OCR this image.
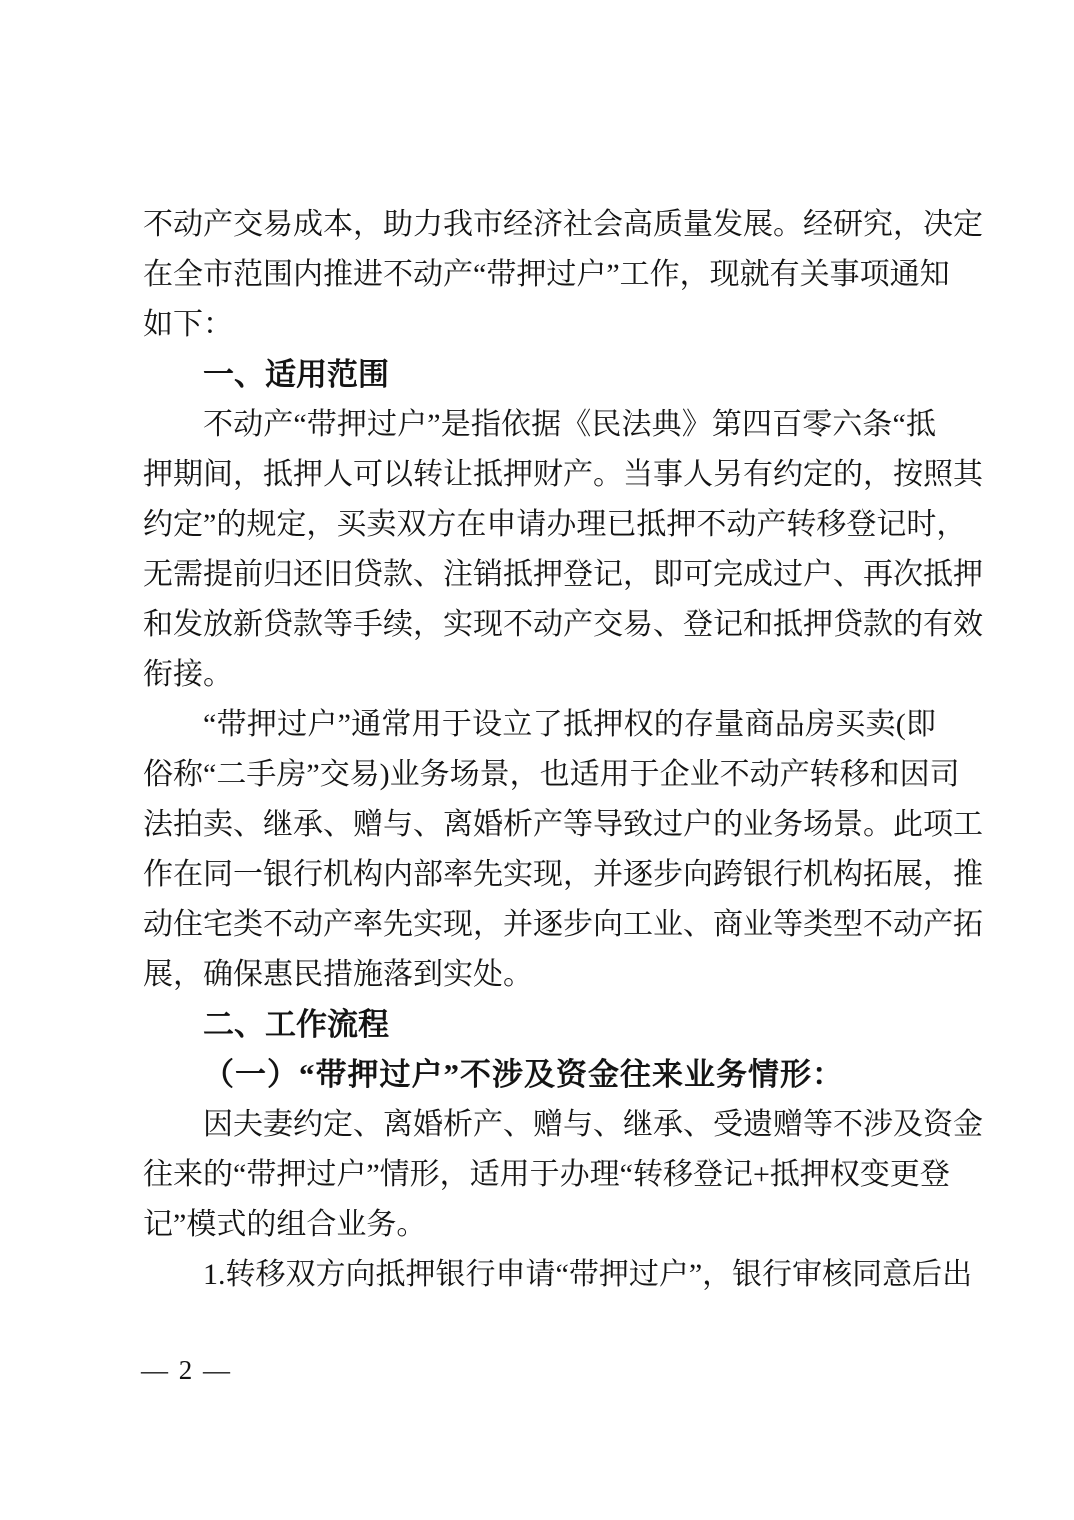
不动产交易成本，助力我市经济社会高质量发展。经研究，决定
在全市范围内推进不动产“带押过户”工作，现就有关事项通知
如下：
一、适用范围
不动产“带押过户”是指依据《民法典》第四百零六条“抵
押期间，抵押人可以转让抵押财产。当事人另有约定的，按照其
约定”的规定，买卖双方在申请办理已抵押不动产转移登记时，
无需提前归还旧贷款、注销抵押登记，即可完成过户、再次抵押
和发放新贷款等手续，实现不动产交易、登记和抵押贷款的有效
衔接。
“带押过户”通常用于设立了抵押权的存量商品房买卖(即
俗称“二手房”交易)业务场景，也适用于企业不动产转移和因司
法拍卖、继承、赠与、离婚析产等导致过户的业务场景。此项工
作在同一银行机构内部率先实现，并逐步向跨银行机构拓展，推
动住宅类不动产率先实现，并逐步向工业、商业等类型不动产拓
展，确保惠民措施落到实处。
二、工作流程
（一）“带押过户”不涉及资金往来业务情形：
因夫妻约定、离婚析产、赠与、继承、受遗赠等不涉及资金
往来的“带押过户”情形，适用于办理“转移登记+抵押权变更登
记”模式的组合业务。
1.转移双方向抵押银行申请“带押过户”，银行审核同意后出
— 2 —
